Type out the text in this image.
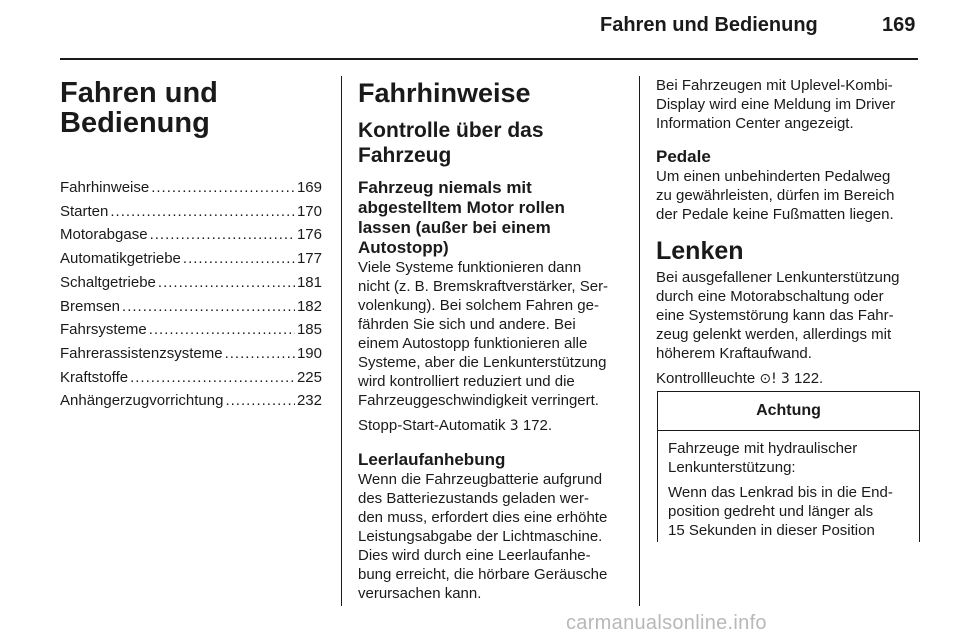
Fahren und Bedienung	169
Fahren und
Bedienung
Fahrhinweise .....	169
Starten .....	170
Motorabgase .....	176
Automatikgetriebe .....	177
Schaltgetriebe .....	181
Bremsen .....	182
Fahrsysteme .....	185
Fahrerassistenzsysteme .....	190
Kraftstoffe .....	225
Anhängerzugvorrichtung .....	232
Fahrhinweise
Kontrolle über das
Fahrzeug
Fahrzeug niemals mit
abgestelltem Motor rollen
lassen (außer bei einem
Autostopp)

Viele Systeme funktionieren dann

nicht (z. B. Bremskraftverstärker, Ser-

volenkung). Bei solchem Fahren ge-

fährden Sie sich und andere. Bei

einem Autostopp funktionieren alle

Systeme, aber die Lenkunterstützung

wird kontrolliert reduziert und die

Fahrzeuggeschwindigkeit verringert.

Stopp-Start-Automatik 3 172.

Leerlaufanhebung

Wenn die Fahrzeugbatterie aufgrund

des Batteriezustands geladen wer-

den muss, erfordert dies eine erhöhte

Leistungsabgabe der Lichtmaschine.

Dies wird durch eine Leerlaufanhe-

bung erreicht, die hörbare Geräusche

verursachen kann.

Bei Fahrzeugen mit Uplevel-Kombi-

Display wird eine Meldung im Driver

Information Center angezeigt.

Pedale

Um einen unbehinderten Pedalweg

zu gewährleisten, dürfen im Bereich

der Pedale keine Fußmatten liegen.

Lenken

Bei ausgefallener Lenkunterstützung

durch eine Motorabschaltung oder

eine Systemstörung kann das Fahr-

zeug gelenkt werden, allerdings mit

höherem Kraftaufwand.

Kontrollleuchte ⊙! 3 122.

Achtung

Fahrzeuge mit hydraulischer

Lenkunterstützung:

Wenn das Lenkrad bis in die End-

position gedreht und länger als

15 Sekunden in dieser Position

carmanualsonline.info
